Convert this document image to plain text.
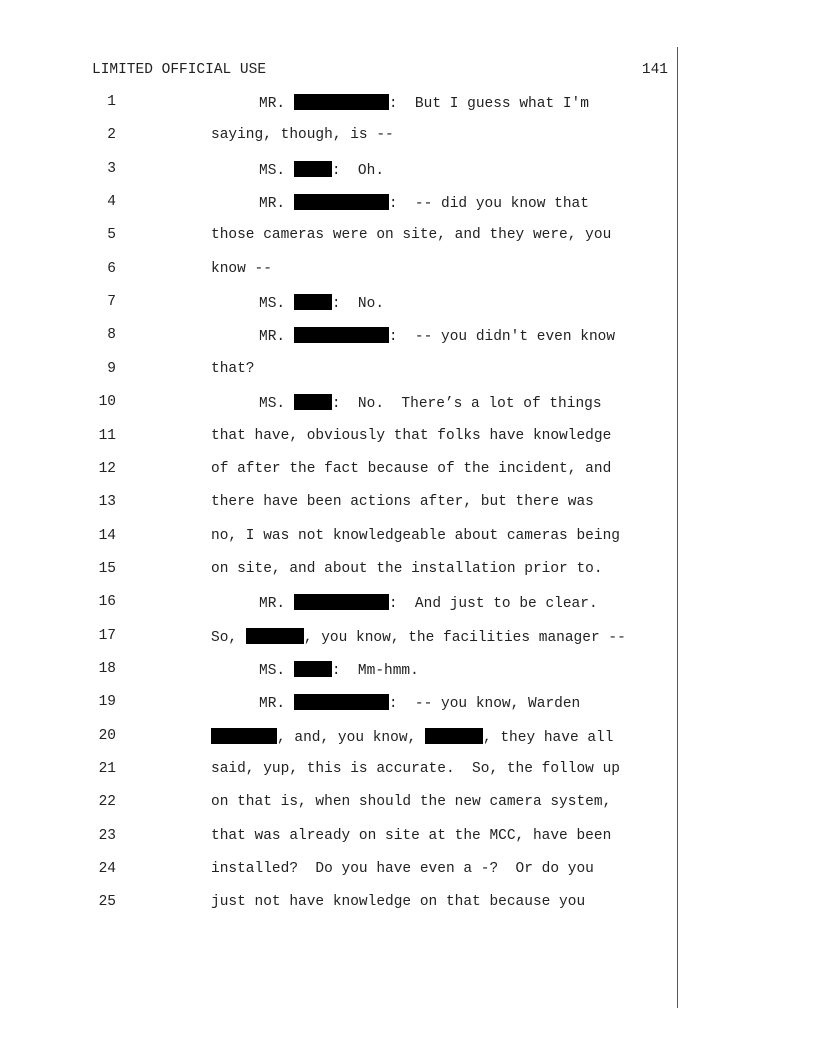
LIMITED OFFICIAL USE	141
1	MR.	:  But I guess what I'm
2	saying, though, is --
3	MS.	:  Oh.
4	MR.	:  -- did you know that
5	those cameras were on site, and they were, you
6	know --
7	MS.	:  No.
8	MR.	:  -- you didn't even know
9	that?
10	MS.	:  No.  There’s a lot of things
11	that have, obviously that folks have knowledge
12	of after the fact because of the incident, and
13	there have been actions after, but there was
14	no, I was not knowledgeable about cameras being
15	on site, and about the installation prior to.
16	MR.	:  And just to be clear.
17	So,	, you know, the facilities manager --
18	MS.	:  Mm-hmm.
19	MR.	:  -- you know, Warden
20	, and, you know,	, they have all
21	said, yup, this is accurate.  So, the follow up
22	on that is, when should the new camera system,
23	that was already on site at the MCC, have been
24	installed?  Do you have even a -?  Or do you
25	just not have knowledge on that because you
